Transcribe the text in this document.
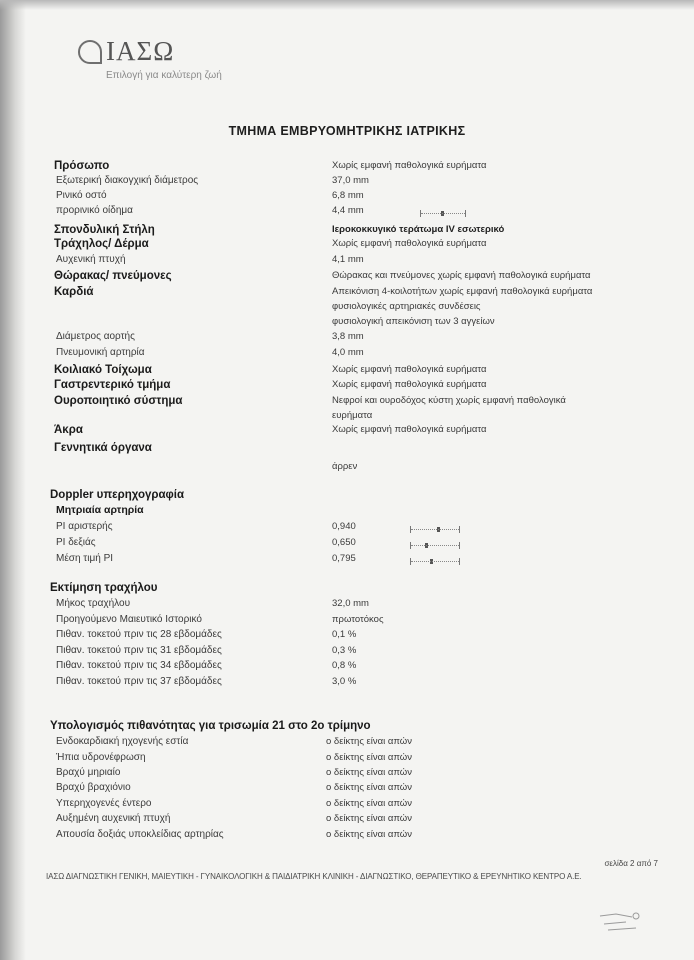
ΙΑΣΩ
Επιλογή για καλύτερη ζωή
ΤΜΗΜΑ ΕΜΒΡΥΟΜΗΤΡΙΚΗΣ ΙΑΤΡΙΚΗΣ
Πρόσωπο	Χωρίς εμφανή παθολογικά ευρήματα
Εξωτερική διακογχική διάμετρος	37,0 mm
Ρινικό οστό	6,8 mm
προρινικό οίδημα	4,4 mm
Σπονδυλική Στήλη	Ιεροκοκκυγικό τεράτωμα IV εσωτερικό
Τράχηλος/ Δέρμα	Χωρίς εμφανή παθολογικά ευρήματα
Αυχενική πτυχή	4,1 mm
Θώρακας/ πνεύμονες	Θώρακας και πνεύμονες χωρίς εμφανή παθολογικά ευρήματα
Καρδιά	Απεικόνιση 4-κοιλοτήτων χωρίς εμφανή παθολογικά ευρήματα
φυσιολογικές αρτηριακές συνδέσεις
φυσιολογική απεικόνιση των 3 αγγείων
Διάμετρος αορτής	3,8 mm
Πνευμονική αρτηρία	4,0 mm
Κοιλιακό Τοίχωμα	Χωρίς εμφανή παθολογικά ευρήματα
Γαστρεντερικό τμήμα	Χωρίς εμφανή παθολογικά ευρήματα
Ουροποιητικό σύστημα	Νεφροί και ουροδόχος κύστη χωρίς εμφανή παθολογικά
ευρήματα
Άκρα	Χωρίς εμφανή παθολογικά ευρήματα
Γεννητικά όργανα
άρρεν
Doppler υπερηχογραφία
Μητριαία αρτηρία
PI αριστερής	0,940
PI δεξιάς	0,650
Μέση τιμή PI	0,795
Εκτίμηση τραχήλου
Μήκος τραχήλου	32,0 mm
Προηγούμενο Μαιευτικό Ιστορικό	πρωτοτόκος
Πιθαν. τοκετού πριν τις 28 εβδομάδες	0,1 %
Πιθαν. τοκετού πριν τις 31 εβδομάδες	0,3 %
Πιθαν. τοκετού πριν τις 34 εβδομάδες	0,8 %
Πιθαν. τοκετού πριν τις 37 εβδομάδες	3,0 %
Υπολογισμός πιθανότητας για τρισωμία 21 στο 2ο τρίμηνο
Ενδοκαρδιακή ηχογενής εστία	ο δείκτης είναι απών
Ήπια υδρονέφρωση	ο δείκτης είναι απών
Βραχύ μηριαίο	ο δείκτης είναι απών
Βραχύ βραχιόνιο	ο δείκτης είναι απών
Υπερηχογενές έντερο	ο δείκτης είναι απών
Αυξημένη αυχενική πτυχή	ο δείκτης είναι απών
Απουσία δοξιάς υποκλείδιας αρτηρίας	ο δείκτης είναι απών
σελίδα 2 από 7
ΙΑΣΩ ΔΙΑΓΝΩΣΤΙΚΗ ΓΕΝΙΚΗ, ΜΑΙΕΥΤΙΚΗ - ΓΥΝΑΙΚΟΛΟΓΙΚΗ & ΠΑΙΔΙΑΤΡΙΚΗ ΚΛΙΝΙΚΗ - ΔΙΑΓΝΩΣΤΙΚΟ, ΘΕΡΑΠΕΥΤΙΚΟ & ΕΡΕΥΝΗΤΙΚΟ ΚΕΝΤΡΟ Α.Ε.
